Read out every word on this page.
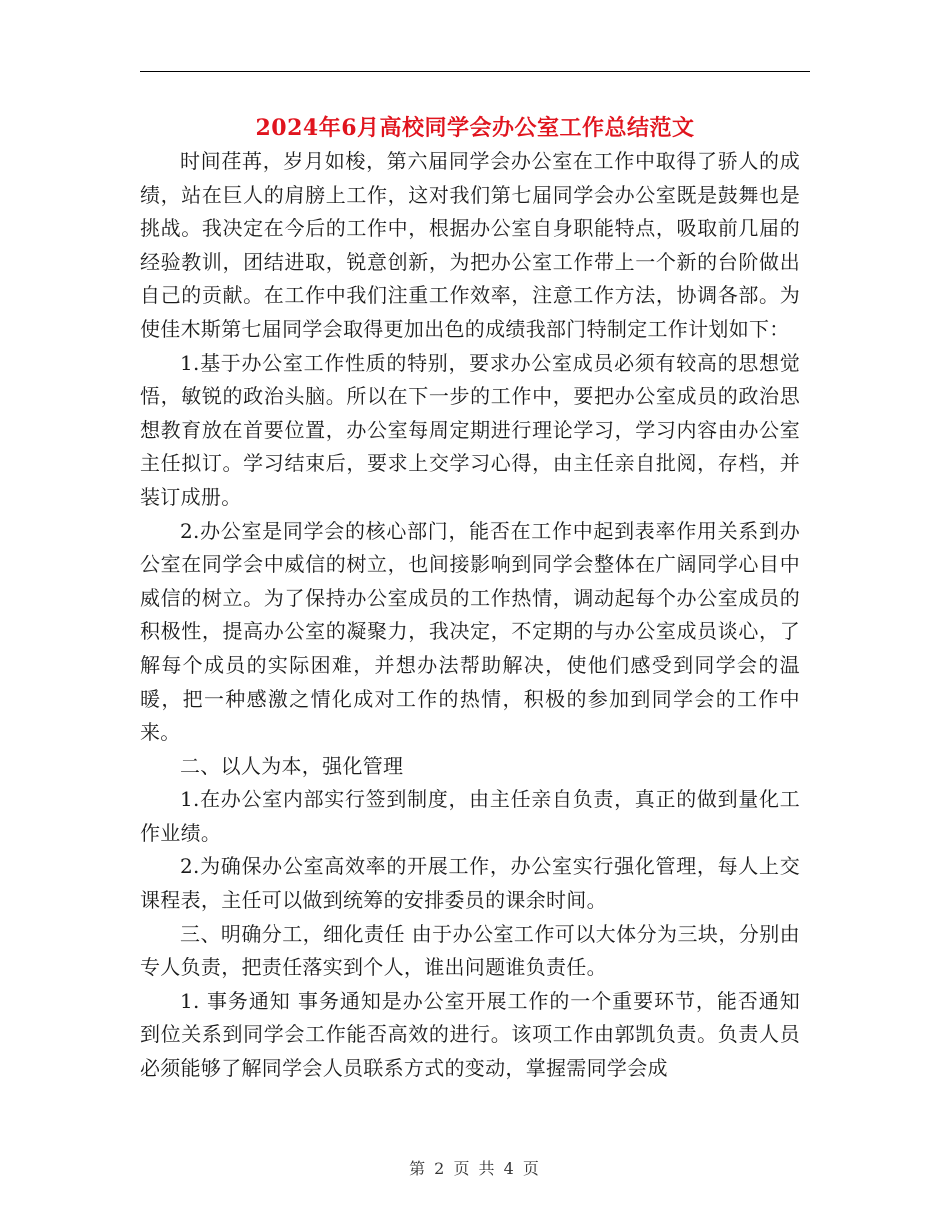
2024年6月高校同学会办公室工作总结范文

时间荏苒，岁月如梭，第六届同学会办公室在工作中取得了骄人的成绩，站在巨人的肩膀上工作，这对我们第七届同学会办公室既是鼓舞也是挑战。我决定在今后的工作中，根据办公室自身职能特点，吸取前几届的经验教训，团结进取，锐意创新，为把办公室工作带上一个新的台阶做出自己的贡献。在工作中我们注重工作效率，注意工作方法，协调各部。为使佳木斯第七届同学会取得更加出色的成绩我部门特制定工作计划如下：

1.基于办公室工作性质的特别，要求办公室成员必须有较高的思想觉悟，敏锐的政治头脑。所以在下一步的工作中，要把办公室成员的政治思想教育放在首要位置，办公室每周定期进行理论学习，学习内容由办公室主任拟订。学习结束后，要求上交学习心得，由主任亲自批阅，存档，并装订成册。

2.办公室是同学会的核心部门，能否在工作中起到表率作用关系到办公室在同学会中威信的树立，也间接影响到同学会整体在广阔同学心目中威信的树立。为了保持办公室成员的工作热情，调动起每个办公室成员的积极性，提高办公室的凝聚力，我决定，不定期的与办公室成员谈心，了解每个成员的实际困难，并想办法帮助解决，使他们感受到同学会的温暖，把一种感激之情化成对工作的热情，积极的参加到同学会的工作中来。

二、以人为本，强化管理

1.在办公室内部实行签到制度，由主任亲自负责，真正的做到量化工作业绩。

2.为确保办公室高效率的开展工作，办公室实行强化管理，每人上交课程表，主任可以做到统筹的安排委员的课余时间。

三、明确分工，细化责任 由于办公室工作可以大体分为三块，分别由专人负责，把责任落实到个人，谁出问题谁负责任。

1. 事务通知 事务通知是办公室开展工作的一个重要环节，能否通知到位关系到同学会工作能否高效的进行。该项工作由郭凯负责。负责人员必须能够了解同学会人员联系方式的变动，掌握需同学会成

第 2 页 共 4 页
